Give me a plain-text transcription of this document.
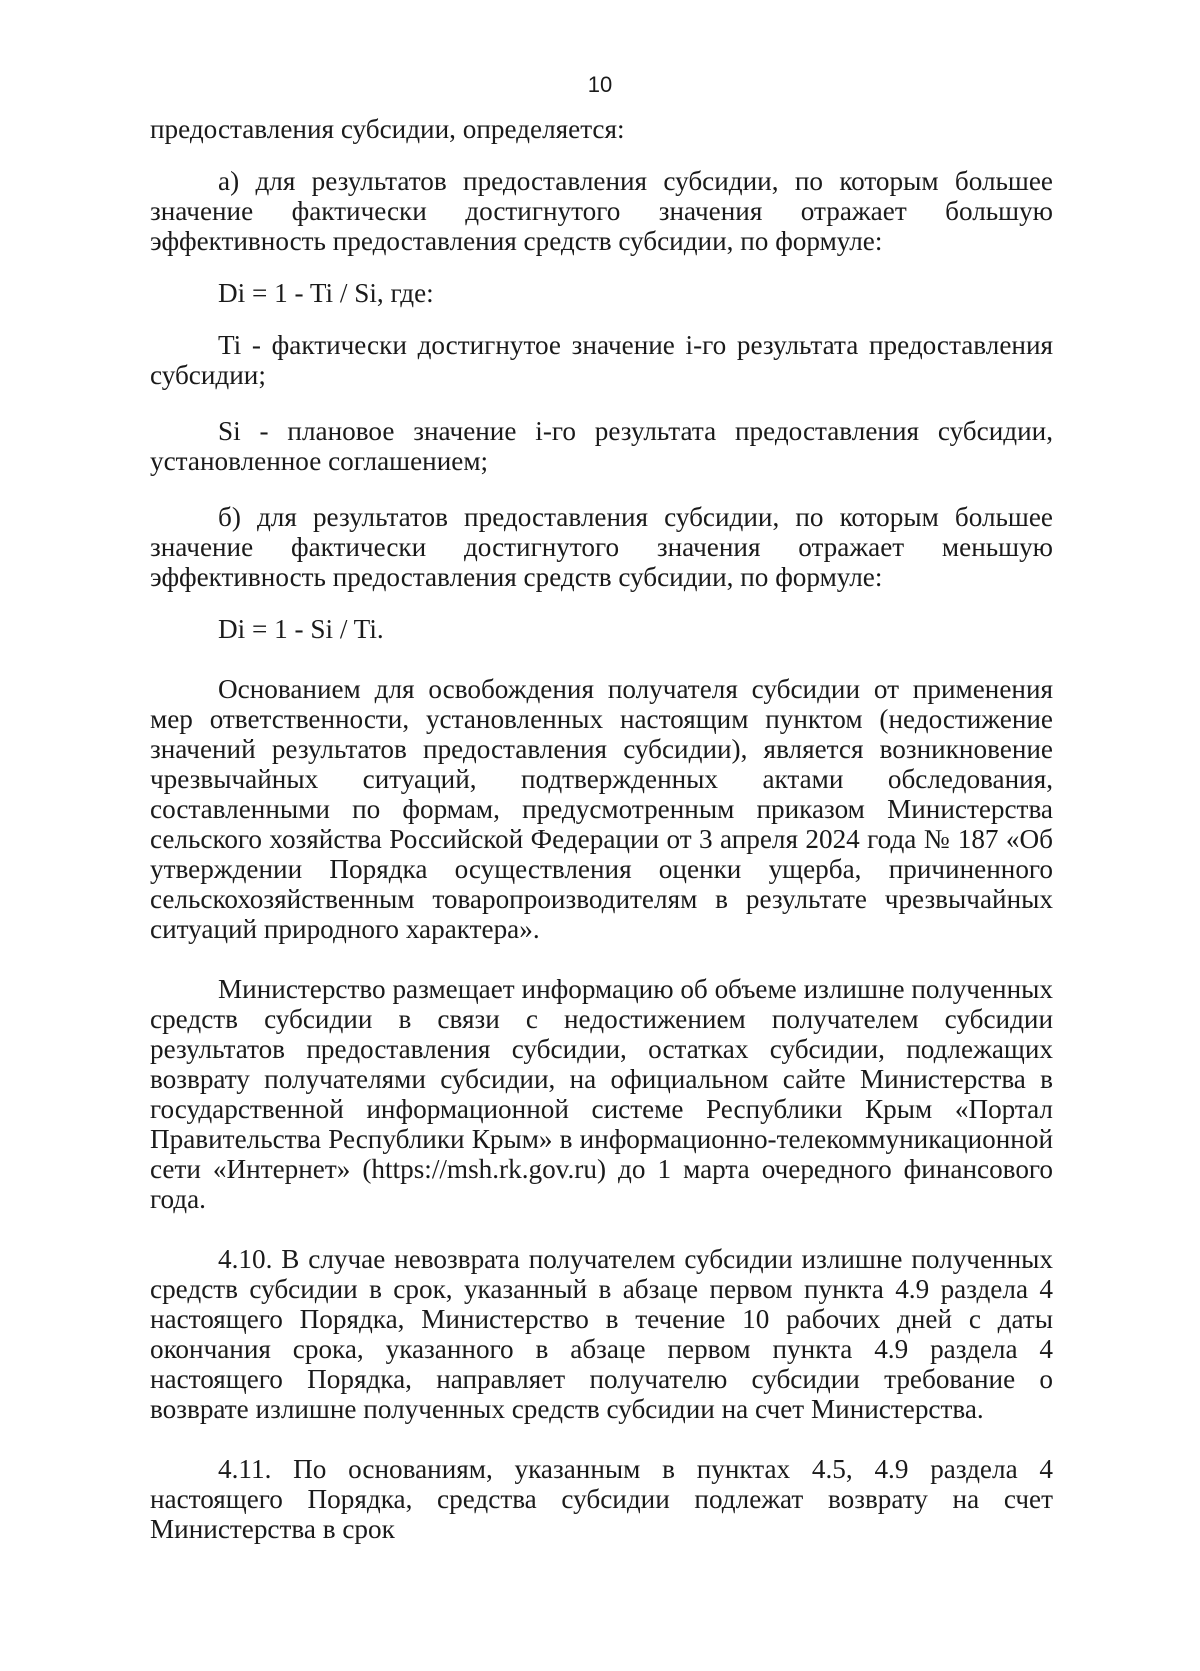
10

предоставления субсидии, определяется:

а) для результатов предоставления субсидии, по которым большее значение фактически достигнутого значения отражает большую эффективность предоставления средств субсидии, по формуле:

Di = 1 - Ti / Si, где:

Ti - фактически достигнутое значение i-го результата предоставления субсидии;

Si - плановое значение i-го результата предоставления субсидии, установленное соглашением;

б) для результатов предоставления субсидии, по которым большее значение фактически достигнутого значения отражает меньшую эффективность предоставления средств субсидии, по формуле:

Di = 1 - Si / Ti.

Основанием для освобождения получателя субсидии от применения мер ответственности, установленных настоящим пунктом (недостижение значений результатов предоставления субсидии), является возникновение чрезвычайных ситуаций, подтвержденных актами обследования, составленными по формам, предусмотренным приказом Министерства сельского хозяйства Российской Федерации от 3 апреля 2024 года № 187 «Об утверждении Порядка осуществления оценки ущерба, причиненного сельскохозяйственным товаропроизводителям в результате чрезвычайных ситуаций природного характера».

Министерство размещает информацию об объеме излишне полученных средств субсидии в связи с недостижением получателем субсидии результатов предоставления субсидии, остатках субсидии, подлежащих возврату получателями субсидии, на официальном сайте Министерства в государственной информационной системе Республики Крым «Портал Правительства Республики Крым» в информационно-телекоммуникационной сети «Интернет» (https://msh.rk.gov.ru) до 1 марта очередного финансового года.

4.10. В случае невозврата получателем субсидии излишне полученных средств субсидии в срок, указанный в абзаце первом пункта 4.9 раздела 4 настоящего Порядка, Министерство в течение 10 рабочих дней с даты окончания срока, указанного в абзаце первом пункта 4.9 раздела 4 настоящего Порядка, направляет получателю субсидии требование о возврате излишне полученных средств субсидии на счет Министерства.

4.11. По основаниям, указанным в пунктах 4.5, 4.9 раздела 4 настоящего Порядка, средства субсидии подлежат возврату на счет Министерства в срок
